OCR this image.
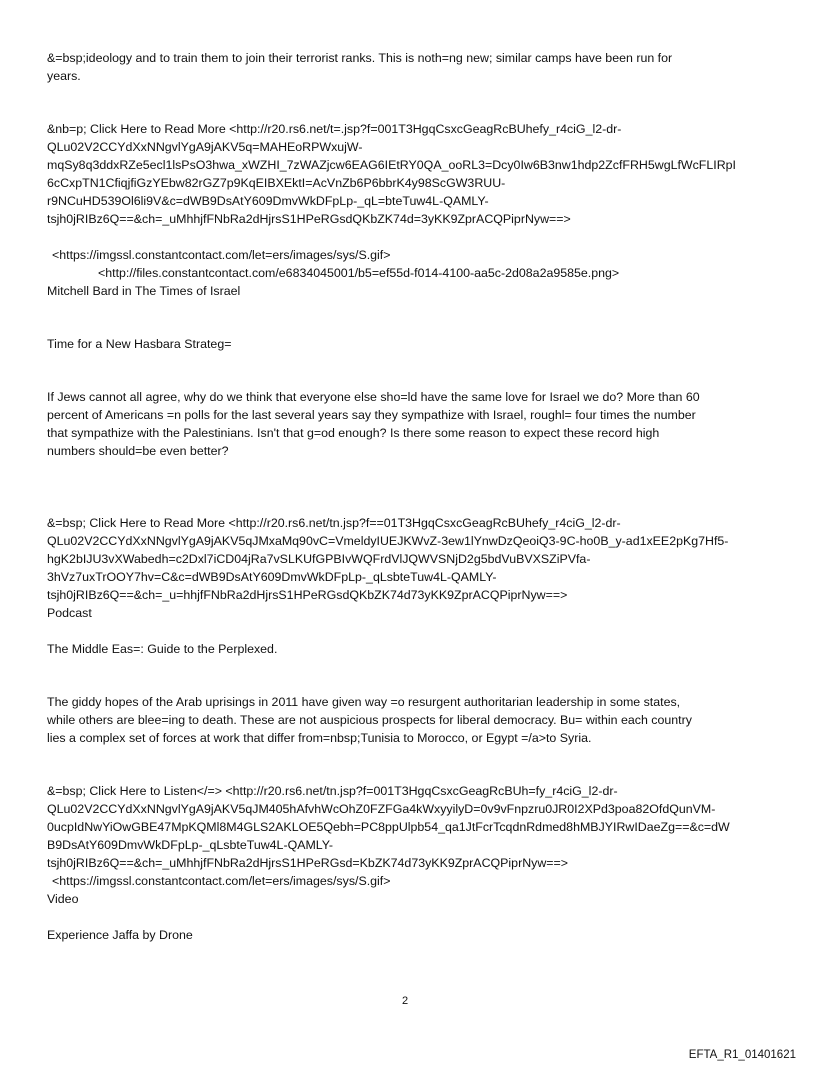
&=bsp;ideology and to train them to join their terrorist ranks. This is noth=ng new; similar camps have been run for
years.
&nb=p; Click Here to Read More <http://r20.rs6.net/t=.jsp?f=001T3HgqCsxcGeagRcBUhefy_r4ciG_l2-dr-
QLu02V2CCYdXxNNgvlYgA9jAKV5q=MAHEoRPWxujW-
mqSy8q3ddxRZe5ecl1lsPsO3hwa_xWZHI_7zWAZjcw6EAG6IEtRY0QA_ooRL3=Dcy0Iw6B3nw1hdp2ZcfFRH5wgLfWcFLIRpI
6cCxpTN1CfiqjfiGzYEbw82rGZ7p9KqEIBXEktI=AcVnZb6P6bbrK4y98ScGW3RUU-
r9NCuHD539Ol6li9V&c=dWB9DsAtY609DmvWkDFpLp-_qL=bteTuw4L-QAMLY-
tsjh0jRIBz6Q==&ch=_uMhhjfFNbRa2dHjrsS1HPeRGsdQKbZK74d=3yKK9ZprACQPiprNyw==>
<https://imgssl.constantcontact.com/let=ers/images/sys/S.gif>
<http://files.constantcontact.com/e6834045001/b5=ef55d-f014-4100-aa5c-2d08a2a9585e.png>
Mitchell Bard in The Times of Israel
Time for a New Hasbara Strateg=
If Jews cannot all agree, why do we think that everyone else sho=ld have the same love for Israel we do? More than 60
percent of Americans =n polls for the last several years say they sympathize with Israel, roughl= four times the number
that sympathize with the Palestinians. Isn't that g=od enough? Is there some reason to expect these record high
numbers should=be even better?
&=bsp; Click Here to Read More <http://r20.rs6.net/tn.jsp?f==01T3HgqCsxcGeagRcBUhefy_r4ciG_l2-dr-
QLu02V2CCYdXxNNgvlYgA9jAKV5qJMxaMq90vC=VmeldyIUEJKWvZ-3ew1lYnwDzQeoiQ3-9C-ho0B_y-ad1xEE2pKg7Hf5-
hgK2bIJU3vXWabedh=c2Dxl7iCD04jRa7vSLKUfGPBIvWQFrdVlJQWVSNjD2g5bdVuBVXSZiPVfa-
3hVz7uxTrOOY7hv=C&c=dWB9DsAtY609DmvWkDFpLp-_qLsbteTuw4L-QAMLY-
tsjh0jRIBz6Q==&ch=_u=hhjfFNbRa2dHjrsS1HPeRGsdQKbZK74d73yKK9ZprACQPiprNyw==>
Podcast
The Middle Eas=: Guide to the Perplexed.
The giddy hopes of the Arab uprisings in 2011 have given way =o resurgent authoritarian leadership in some states,
while others are blee=ing to death. These are not auspicious prospects for liberal democracy. Bu= within each country
lies a complex set of forces at work that differ from=nbsp;Tunisia to Morocco, or Egypt =/a>to Syria.
&=bsp; Click Here to Listen</=> <http://r20.rs6.net/tn.jsp?f=001T3HgqCsxcGeagRcBUh=fy_r4ciG_l2-dr-
QLu02V2CCYdXxNNgvlYgA9jAKV5qJM405hAfvhWcOhZ0FZFGa4kWxyyilyD=0v9vFnpzru0JR0I2XPd3poa82OfdQunVM-
0ucpIdNwYiOwGBE47MpKQMl8M4GLS2AKLOE5Qebh=PC8ppUlpb54_qa1JtFcrTcqdnRdmed8hMBJYIRwIDaeZg==&c=dW
B9DsAtY609DmvWkDFpLp-_qLsbteTuw4L-QAMLY-
tsjh0jRIBz6Q==&ch=_uMhhjfFNbRa2dHjrsS1HPeRGsd=KbZK74d73yKK9ZprACQPiprNyw==>
<https://imgssl.constantcontact.com/let=ers/images/sys/S.gif>
Video
Experience Jaffa by Drone
2
EFTA_R1_01401621
